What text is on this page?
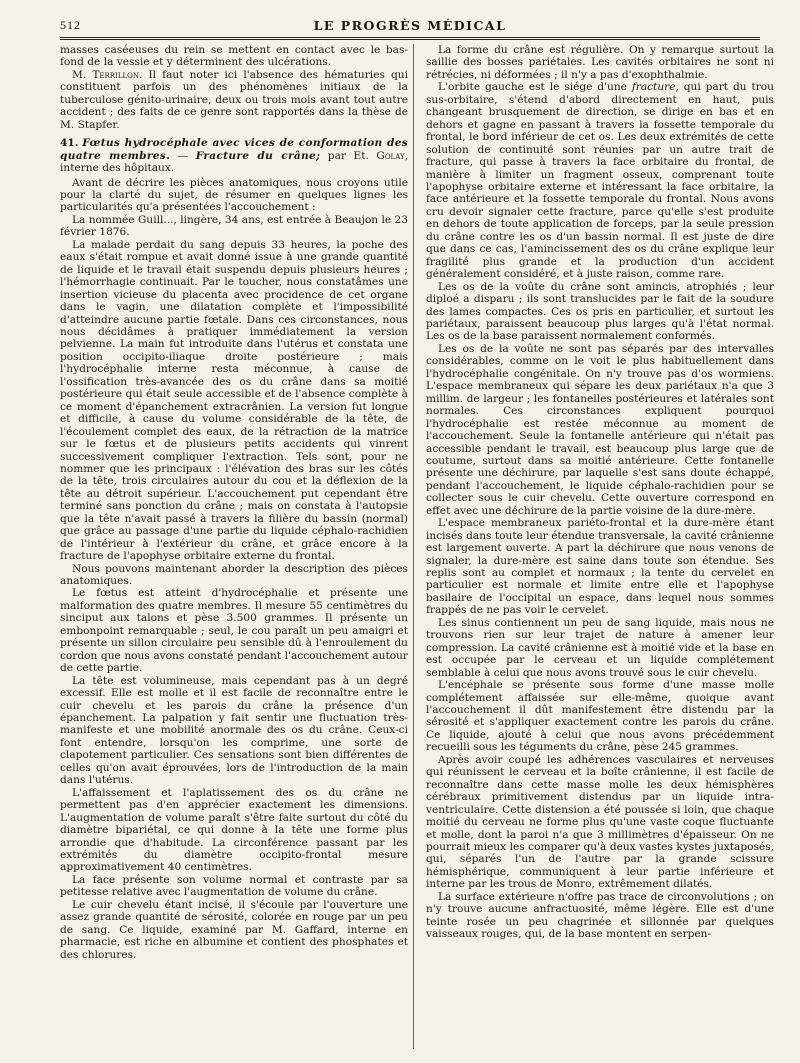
512	LE PROGRÈS MÉDICAL

masses caséeuses du rein se mettent en contact avec le bas-fond de la vessie et y déterminent des ulcérations.

M. Terrillon. Il faut noter ici l'absence des hématuries qui constituent parfois un des phénomènes initiaux de la tuberculose génito-urinaire, deux ou trois mois avant tout autre accident ; des faits de ce genre sont rapportés dans la thèse de M. Stapfer.

41. Fœtus hydrocéphale avec vices de conformation des quatre membres. — Fracture du crâne; par Et. Golay, interne des hôpitaux.

Avant de décrire les pièces anatomiques, nous croyons utile pour la clarté du sujet, de résumer en quelques lignes les particularités qu'a présentées l'accouchement :

La nommée Guill..., lingère, 34 ans, est entrée à Beaujon le 23 février 1876.

La malade perdait du sang depuis 33 heures, la poche des eaux s'était rompue et avait donné issue à une grande quantité de liquide et le travail était suspendu depuis plusieurs heures ; l'hémorrhagie continuait. Par le toucher, nous constatâmes une insertion vicieuse du placenta avec procidence de cet organe dans le vagin, une dilatation complète et l'impossibilité d'atteindre aucune partie fœtale. Dans ces circonstances, nous nous décidâmes à pratiquer immédiatement la version pelvienne. La main fut introduite dans l'utérus et constata une position occipito-iliaque droite postérieure ; mais l'hydrocéphalie interne resta méconnue, à cause de l'ossification très-avancée des os du crâne dans sa moitié postérieure qui était seule accessible et de l'absence complète à ce moment d'épanchement extracrânien. La version fut longue et difficile, à cause du volume considérable de la tête, de l'écoulement complet des eaux, de la rétraction de la matrice sur le fœtus et de plusieurs petits accidents qui vinrent successivement compliquer l'extraction. Tels sont, pour ne nommer que les principaux : l'élévation des bras sur les côtés de la tête, trois circulaires autour du cou et la déflexion de la tête au détroit supérieur. L'accouchement put cependant être terminé sans ponction du crâne ; mais on constata à l'autopsie que la tête n'avait passé à travers la filière du bassin (normal) que grâce au passage d'une partie du liquide céphalo-rachidien de l'intérieur à l'extérieur du crâne, et grâce encore à la fracture de l'apophyse orbitaire externe du frontal.

Nous pouvons maintenant aborder la description des pièces anatomiques.

Le fœtus est atteint d'hydrocéphalie et présente une malformation des quatre membres. Il mesure 55 centimètres du sinciput aux talons et pèse 3.500 grammes. Il présente un embonpoint remarquable ; seul, le cou paraît un peu amaigri et présente un sillon circulaire peu sensible dû à l'enroulement du cordon que nous avons constaté pendant l'accouchement autour de cette partie.

La tête est volumineuse, mais cependant pas à un degré excessif. Elle est molle et il est facile de reconnaître entre le cuir chevelu et les parois du crâne la présence d'un épanchement. La palpation y fait sentir une fluctuation très-manifeste et une mobilité anormale des os du crâne. Ceux-ci font entendre, lorsqu'on les comprime, une sorte de clapotement particulier. Ces sensations sont bien différentes de celles qu'on avait éprouvées, lors de l'introduction de la main dans l'utérus.

L'affaissement et l'aplatissement des os du crâne ne permettent pas d'en apprécier exactement les dimensions. L'augmentation de volume paraît s'être faite surtout du côté du diamètre bipariétal, ce qui donne à la tête une forme plus arrondie que d'habitude. La circonférence passant par les extrémités du diamètre occipito-frontal mesure approximativement 40 centimètres.

La face présente son volume normal et contraste par sa petitesse relative avec l'augmentation de volume du crâne.

Le cuir chevelu étant incisé, il s'écoule par l'ouverture une assez grande quantité de sérosité, colorée en rouge par un peu de sang. Ce liquide, examiné par M. Gaffard, interne en pharmacie, est riche en albumine et contient des phosphates et des chlorures.

La forme du crâne est régulière. On y remarque surtout la saillie des bosses pariétales. Les cavités orbitaires ne sont ni rétrécies, ni déformées ; il n'y a pas d'exophthalmie.

L'orbite gauche est le siége d'une fracture, qui part du trou sus-orbitaire, s'étend d'abord directement en haut, puis changeant brusquement de direction, se dirige en bas et en dehors et gagne en passant à travers la fossette temporale du frontal, le bord inférieur de cet os. Les deux extrémités de cette solution de continuité sont réunies par un autre trait de fracture, qui passe à travers la face orbitaire du frontal, de manière à limiter un fragment osseux, comprenant toute l'apophyse orbitaire externe et intéressant la face orbitaire, la face antérieure et la fossette temporale du frontal. Nous avons cru devoir signaler cette fracture, parce qu'elle s'est produite en dehors de toute application de forceps, par la seule pression du crâne contre les os d'un bassin normal. Il est juste de dire que dans ce cas, l'amincissement des os du crâne explique leur fragilité plus grande et la production d'un accident généralement considéré, et à juste raison, comme rare.

Les os de la voûte du crâne sont amincis, atrophiés ; leur diploé a disparu ; ils sont translucides par le fait de la soudure des lames compactes. Ces os pris en particulier, et surtout les pariétaux, paraissent beaucoup plus larges qu'à l'état normal. Les os de la base paraissent normalement conformés.

Les os de la voûte ne sont pas séparés par des intervalles considérables, comme on le voit le plus habituellement dans l'hydrocéphalie congénitale. On n'y trouve pas d'os wormiens. L'espace membraneux qui sépare les deux pariétaux n'a que 3 millim. de largeur ; les fontanelles postérieures et latérales sont normales. Ces circonstances expliquent pourquoi l'hydrocéphalie est restée méconnue au moment de l'accouchement. Seule la fontanelle antérieure qui n'était pas accessible pendant le travail, est beaucoup plus large que de coutume, surtout dans sa moitié antérieure. Cette fontanelle présente une déchirure, par laquelle s'est sans doute échappé, pendant l'accouchement, le liquide céphalo-rachidien pour se collecter sous le cuir chevelu. Cette ouverture correspond en effet avec une déchirure de la partie voisine de la dure-mère.

L'espace membraneux pariéto-frontal et la dure-mère étant incisés dans toute leur étendue transversale, la cavité crânienne est largement ouverte. A part la déchirure que nous venons de signaler, la dure-mère est saine dans toute son étendue. Ses replis sont au complet et normaux ; la tente du cervelet en particulier est normale et limite entre elle et l'apophyse basilaire de l'occipital un espace, dans lequel nous sommes frappés de ne pas voir le cervelet.

Les sinus contiennent un peu de sang liquide, mais nous ne trouvons rien sur leur trajet de nature à amener leur compression. La cavité crânienne est à moitié vide et la base en est occupée par le cerveau et un liquide complétement semblable à celui que nous avons trouvé sous le cuir chevelu.

L'encéphale se présente sous forme d'une masse molle complétement affaissée sur elle-même, quoique avant l'accouchement il dût manifestement être distendu par la sérosité et s'appliquer exactement contre les parois du crâne. Ce liquide, ajouté à celui que nous avons précédemment recueilli sous les téguments du crâne, pèse 245 grammes.

Après avoir coupé les adhérences vasculaires et nerveuses qui réunissent le cerveau et la boîte crânienne, il est facile de reconnaître dans cette masse molle les deux hémisphères cérébraux primitivement distendus par un liquide intra-ventriculaire. Cette distension a été poussée si loin, que chaque moitié du cerveau ne forme plus qu'une vaste coque fluctuante et molle, dont la paroi n'a que 3 millimètres d'épaisseur. On ne pourrait mieux les comparer qu'à deux vastes kystes juxtaposés, qui, séparés l'un de l'autre par la grande scissure hémisphérique, communiquent à leur partie inférieure et interne par les trous de Monro, extrêmement dilatés.

La surface extérieure n'offre pas trace de circonvolutions ; on n'y trouve aucune anfractuosité, même légère. Elle est d'une teinte rosée un peu chagrinée et sillonnée par quelques vaisseaux rouges, qui, de la base montent en serpen-
